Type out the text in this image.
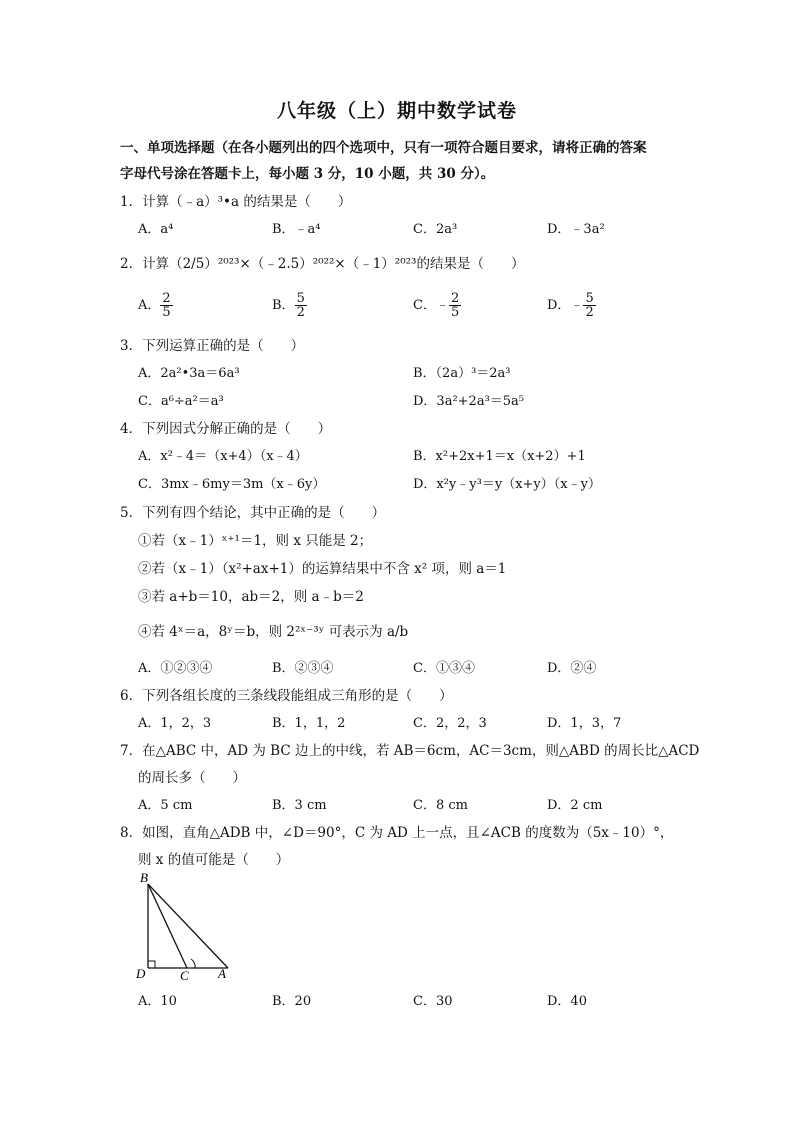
八年级（上）期中数学试卷
一、单项选择题（在各小题列出的四个选项中，只有一项符合题目要求，请将正确的答案
字母代号涂在答题卡上，每小题 3 分，10 小题，共 30 分）。
1．计算（﹣a）³•a 的结果是（　　）
A．a⁴	B．﹣a⁴	C．2a³	D．﹣3a²
2．计算（2/5）²⁰²³×（﹣2.5）²⁰²²×（﹣1）²⁰²³的结果是（　　）
A． $\frac{2}{5}$	B． $\frac{5}{2}$	C．﹣ $\frac{2}{5}$	D．﹣ $\frac{5}{2}$
3．下列运算正确的是（　　）
A．2a²•3a＝6a³	B．（2a）³＝2a³
C．a⁶÷a²＝a³	D．3a²+2a³＝5a⁵
4．下列因式分解正确的是（　　）
A．x²﹣4＝（x+4）（x﹣4）	B．x²+2x+1＝x（x+2）+1
C．3mx﹣6my＝3m（x﹣6y）	D．x²y﹣y³＝y（x+y）（x﹣y）
5．下列有四个结论，其中正确的是（　　）
①若（x﹣1）ˣ⁺¹＝1，则 x 只能是 2；
②若（x﹣1）（x²+ax+1）的运算结果中不含 x² 项，则 a＝1
③若 a+b＝10，ab＝2，则 a﹣b＝2
④若 4ˣ＝a，8ʸ＝b，则 2²ˣ⁻³ʸ 可表示为 a/b
A．①②③④	B．②③④	C．①③④	D．②④
6．下列各组长度的三条线段能组成三角形的是（　　）
A．1，2，3	B．1，1，2	C．2，2，3	D．1，3，7
7．在△ABC 中，AD 为 BC 边上的中线，若 AB＝6cm，AC＝3cm，则△ABD 的周长比△ACD
的周长多（　　）
A．5 cm	B．3 cm	C．8 cm	D．2 cm
8．如图，直角△ADB 中，∠D＝90°，C 为 AD 上一点，且∠ACB 的度数为（5x﹣10）°，
则 x 的值可能是（　　）
B
D	C A
A．10	B．20	C．30	D．40
